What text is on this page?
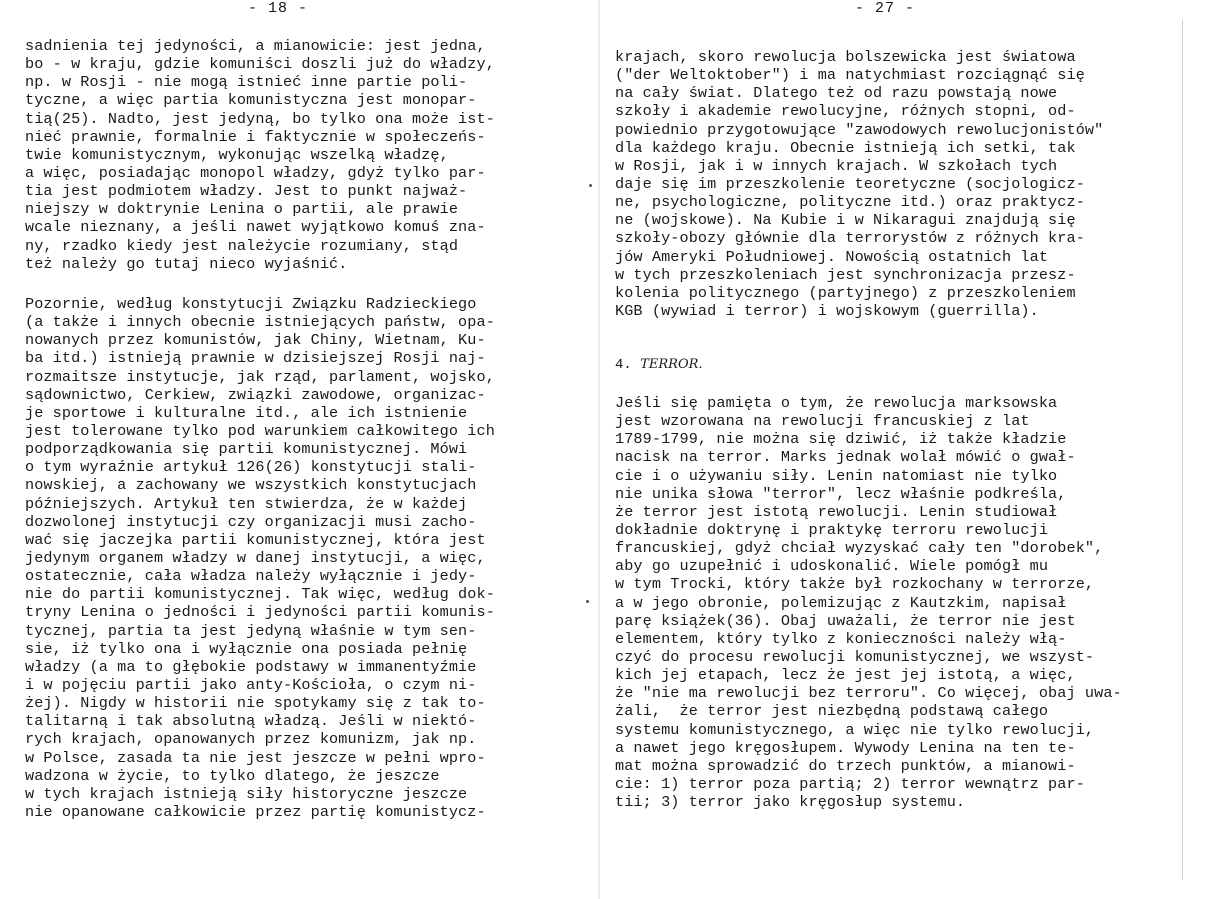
- 18 -
sadnienia tej jedyności, a mianowicie: jest jedna,
bo - w kraju, gdzie komuniści doszli już do władzy,
np. w Rosji - nie mogą istnieć inne partie poli-
tyczne, a więc partia komunistyczna jest monopar-
tią(25). Nadto, jest jedyną, bo tylko ona może ist-
nieć prawnie, formalnie i faktycznie w społeczeńs-
twie komunistycznym, wykonując wszelką władzę,
a więc, posiadając monopol władzy, gdyż tylko par-
tia jest podmiotem władzy. Jest to punkt najważ-
niejszy w doktrynie Lenina o partii, ale prawie
wcale nieznany, a jeśli nawet wyjątkowo komuś zna-
ny, rzadko kiedy jest należycie rozumiany, stąd
też należy go tutaj nieco wyjaśnić.
Pozornie, według konstytucji Związku Radzieckiego
(a także i innych obecnie istniejących państw, opa-
nowanych przez komunistów, jak Chiny, Wietnam, Ku-
ba itd.) istnieją prawnie w dzisiejszej Rosji naj-
rozmaitsze instytucje, jak rząd, parlament, wojsko,
sądownictwo, Cerkiew, związki zawodowe, organizac-
je sportowe i kulturalne itd., ale ich istnienie
jest tolerowane tylko pod warunkiem całkowitego ich
podporządkowania się partii komunistycznej. Mówi
o tym wyraźnie artykuł 126(26) konstytucji stali-
nowskiej, a zachowany we wszystkich konstytucjach
późniejszych. Artykuł ten stwierdza, że w każdej
dozwolonej instytucji czy organizacji musi zacho-
wać się jaczejka partii komunistycznej, która jest
jedynym organem władzy w danej instytucji, a więc,
ostatecznie, cała władza należy wyłącznie i jedy-
nie do partii komunistycznej. Tak więc, według dok-
tryny Lenina o jedności i jedyności partii komunis-
tycznej, partia ta jest jedyną właśnie w tym sen-
sie, iż tylko ona i wyłącznie ona posiada pełnię
władzy (a ma to głębokie podstawy w immanentyźmie
i w pojęciu partii jako anty-Kościoła, o czym ni-
żej). Nigdy w historii nie spotykamy się z tak to-
talitarną i tak absolutną władzą. Jeśli w niektó-
rych krajach, opanowanych przez komunizm, jak np.
w Polsce, zasada ta nie jest jeszcze w pełni wpro-
wadzona w życie, to tylko dlatego, że jeszcze
w tych krajach istnieją siły historyczne jeszcze
nie opanowane całkowicie przez partię komunistycz-
- 27 -
krajach, skoro rewolucja bolszewicka jest światowa
("der Weltoktober") i ma natychmiast rozciągnąć się
na cały świat. Dlatego też od razu powstają nowe
szkoły i akademie rewolucyjne, różnych stopni, od-
powiednio przygotowujące "zawodowych rewolucjonistów"
dla każdego kraju. Obecnie istnieją ich setki, tak
w Rosji, jak i w innych krajach. W szkołach tych
daje się im przeszkolenie teoretyczne (socjologicz-
ne, psychologiczne, polityczne itd.) oraz praktycz-
ne (wojskowe). Na Kubie i w Nikaragui znajdują się
szkoły-obozy głównie dla terrorystów z różnych kra-
jów Ameryki Południowej. Nowością ostatnich lat
w tych przeszkoleniach jest synchronizacja przesz-
kolenia politycznego (partyjnego) z przeszkoleniem
KGB (wywiad i terror) i wojskowym (guerrilla).
4. TERROR.
Jeśli się pamięta o tym, że rewolucja marksowska
jest wzorowana na rewolucji francuskiej z lat
1789-1799, nie można się dziwić, iż także kładzie
nacisk na terror. Marks jednak wolał mówić o gwał-
cie i o używaniu siły. Lenin natomiast nie tylko
nie unika słowa "terror", lecz właśnie podkreśla,
że terror jest istotą rewolucji. Lenin studiował
dokładnie doktrynę i praktykę terroru rewolucji
francuskiej, gdyż chciał wyzyskać cały ten "dorobek",
aby go uzupełnić i udoskonalić. Wiele pomógł mu
w tym Trocki, który także był rozkochany w terrorze,
a w jego obronie, polemizując z Kautzkim, napisał
parę książek(36). Obaj uważali, że terror nie jest
elementem, który tylko z konieczności należy włą-
czyć do procesu rewolucji komunistycznej, we wszyst-
kich jej etapach, lecz że jest jej istotą, a więc,
że "nie ma rewolucji bez terroru". Co więcej, obaj uwa-
żali,  że terror jest niezbędną podstawą całego
systemu komunistycznego, a więc nie tylko rewolucji,
a nawet jego kręgosłupem. Wywody Lenina na ten te-
mat można sprowadzić do trzech punktów, a mianowi-
cie: 1) terror poza partią; 2) terror wewnątrz par-
tii; 3) terror jako kręgosłup systemu.
